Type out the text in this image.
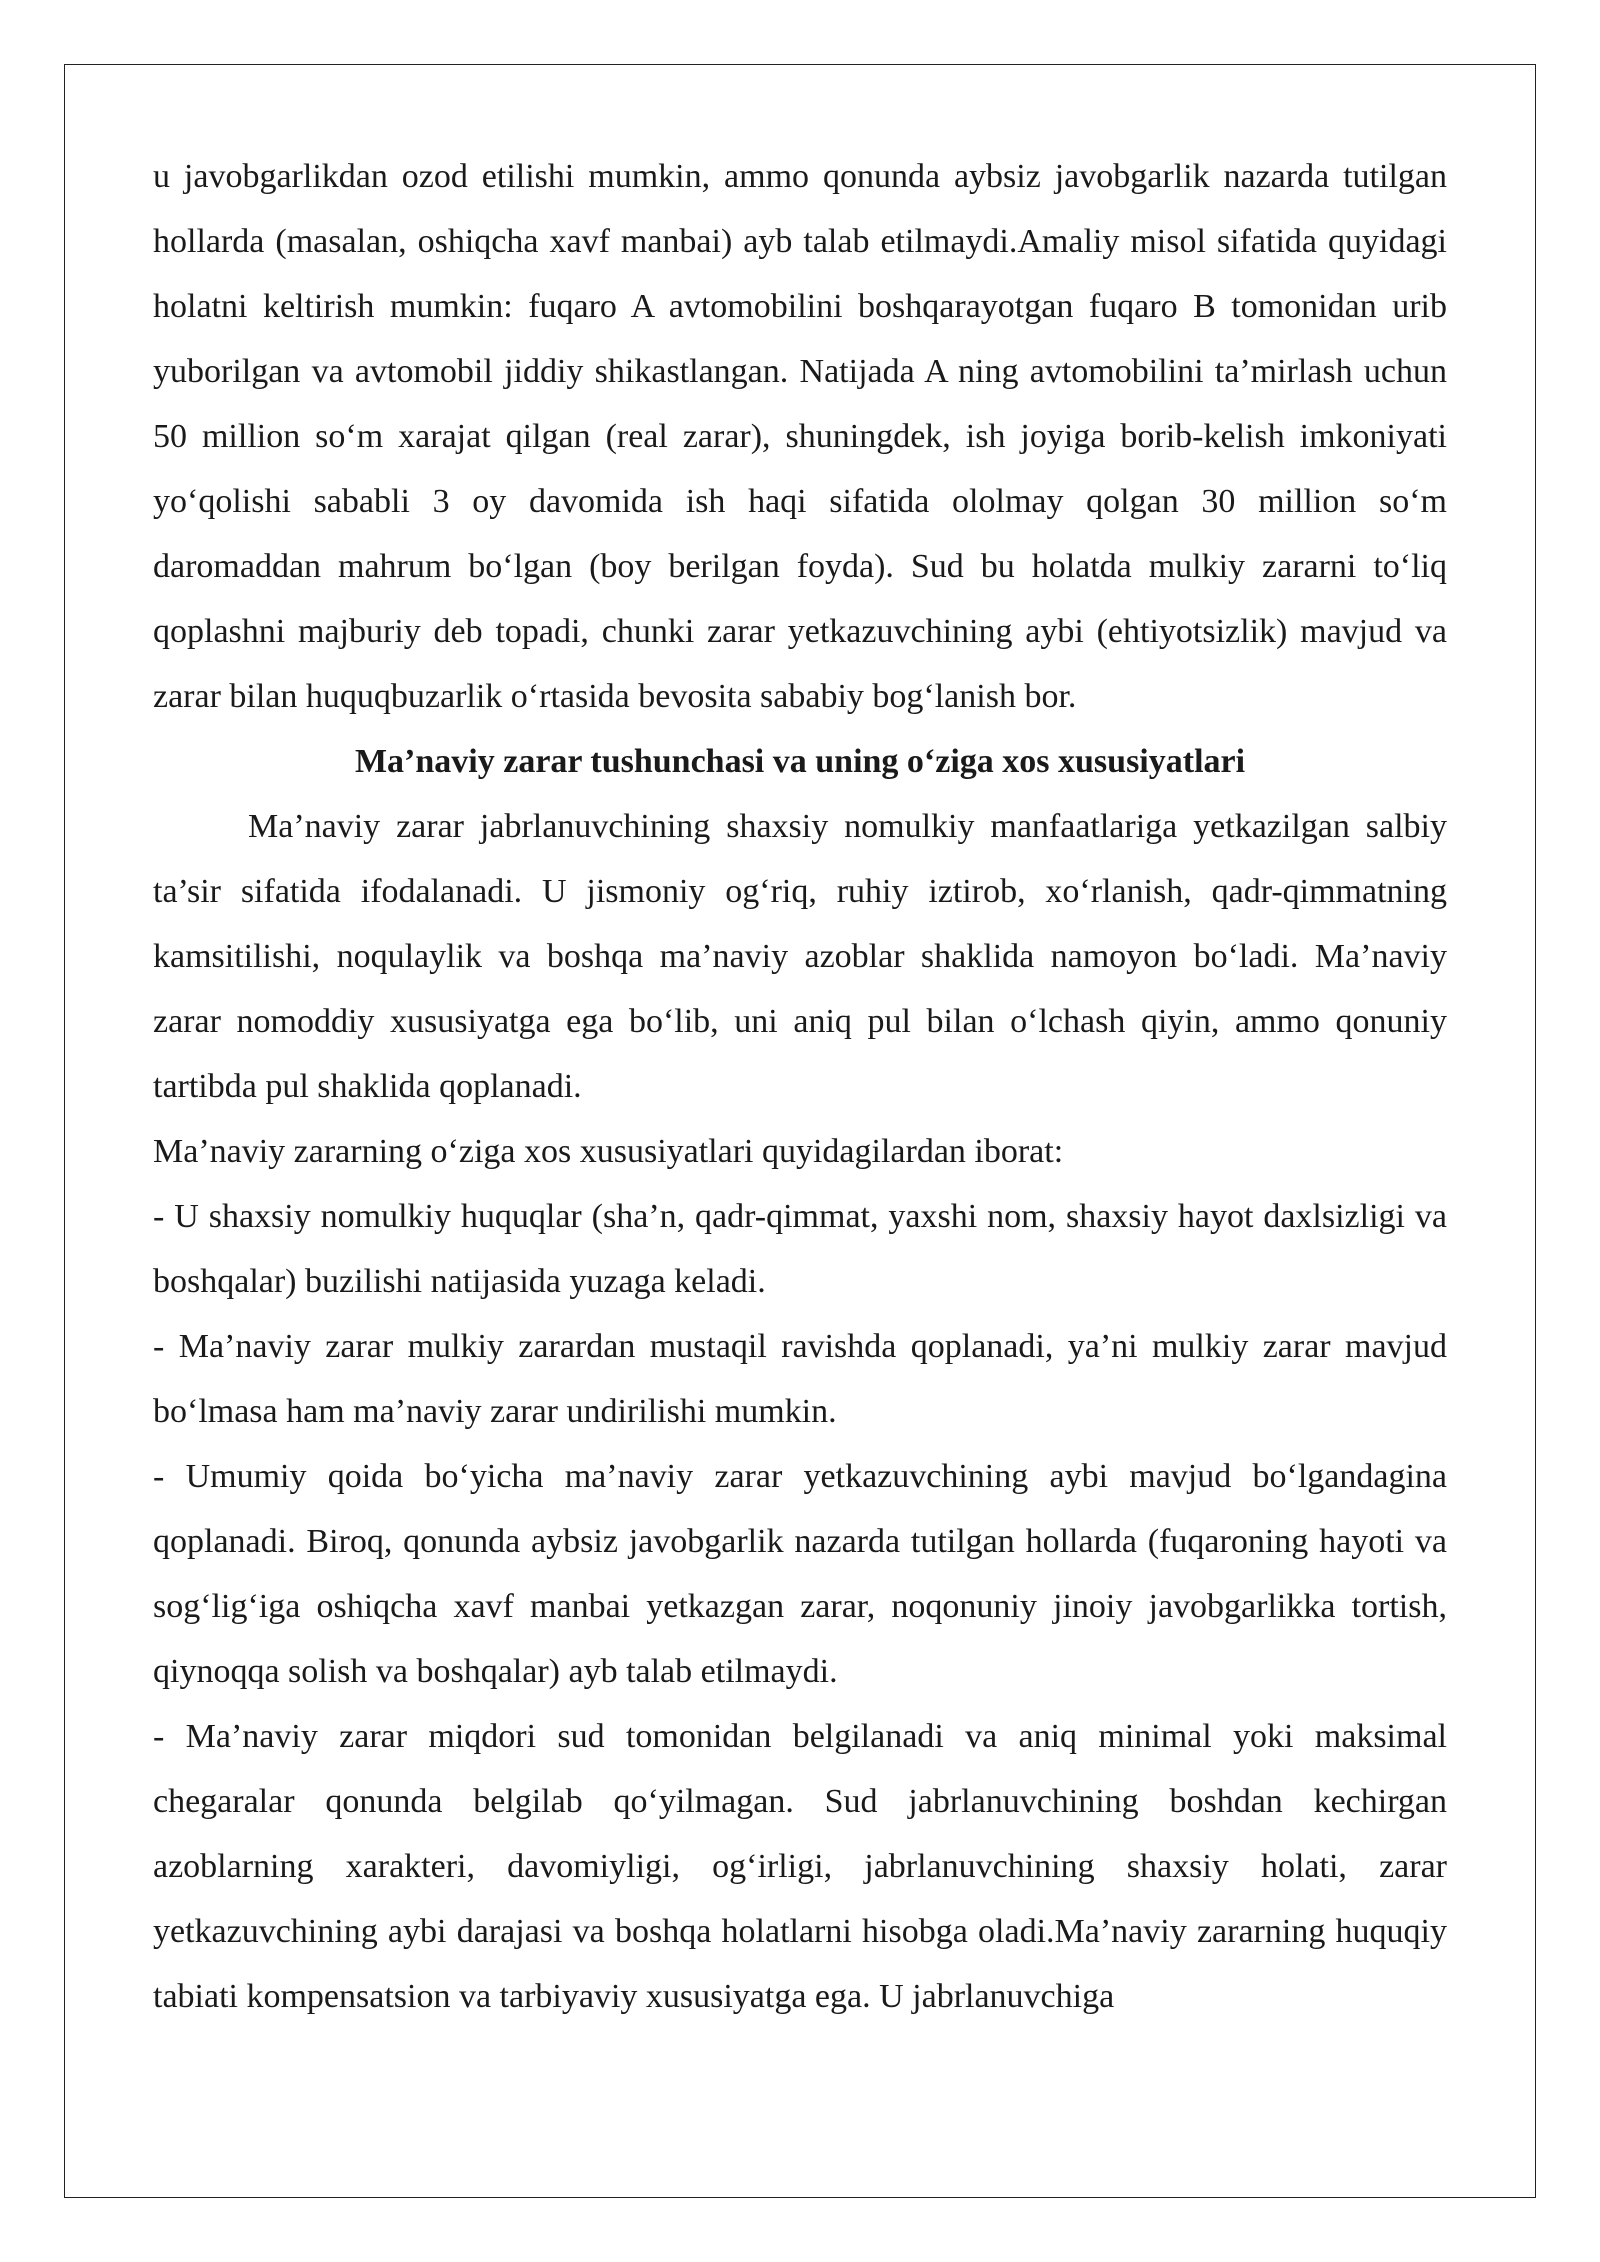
u javobgarlikdan ozod etilishi mumkin, ammo qonunda aybsiz javobgarlik nazarda tutilgan hollarda (masalan, oshiqcha xavf manbai) ayb talab etilmaydi.Amaliy misol sifatida quyidagi holatni keltirish mumkin: fuqaro A avtomobilini boshqarayotgan fuqaro B tomonidan urib yuborilgan va avtomobil jiddiy shikastlangan. Natijada A ning avtomobilini ta’mirlash uchun 50 million so‘m xarajat qilgan (real zarar), shuningdek, ish joyiga borib-kelish imkoniyati yo‘qolishi sababli 3 oy davomida ish haqi sifatida ololmay qolgan 30 million so‘m daromaddan mahrum bo‘lgan (boy berilgan foyda). Sud bu holatda mulkiy zararni to‘liq qoplashni majburiy deb topadi, chunki zarar yetkazuvchining aybi (ehtiyotsizlik) mavjud va zarar bilan huquqbuzarlik o‘rtasida bevosita sababiy bog‘lanish bor.

Ma’naviy zarar tushunchasi va uning o‘ziga xos xususiyatlari

Ma’naviy zarar jabrlanuvchining shaxsiy nomulkiy manfaatlariga yetkazilgan salbiy ta’sir sifatida ifodalanadi. U jismoniy og‘riq, ruhiy iztirob, xo‘rlanish, qadr-qimmatning kamsitilishi, noqulaylik va boshqa ma’naviy azoblar shaklida namoyon bo‘ladi. Ma’naviy zarar nomoddiy xususiyatga ega bo‘lib, uni aniq pul bilan o‘lchash qiyin, ammo qonuniy tartibda pul shaklida qoplanadi.

Ma’naviy zararning o‘ziga xos xususiyatlari quyidagilardan iborat:

- U shaxsiy nomulkiy huquqlar (sha’n, qadr-qimmat, yaxshi nom, shaxsiy hayot daxlsizligi va boshqalar) buzilishi natijasida yuzaga keladi.

- Ma’naviy zarar mulkiy zarardan mustaqil ravishda qoplanadi, ya’ni mulkiy zarar mavjud bo‘lmasa ham ma’naviy zarar undirilishi mumkin.

- Umumiy qoida bo‘yicha ma’naviy zarar yetkazuvchining aybi mavjud bo‘lgandagina qoplanadi. Biroq, qonunda aybsiz javobgarlik nazarda tutilgan hollarda (fuqaroning hayoti va sog‘lig‘iga oshiqcha xavf manbai yetkazgan zarar, noqonuniy jinoiy javobgarlikka tortish, qiynoqqa solish va boshqalar) ayb talab etilmaydi.

- Ma’naviy zarar miqdori sud tomonidan belgilanadi va aniq minimal yoki maksimal chegaralar qonunda belgilab qo‘yilmagan. Sud jabrlanuvchining boshdan kechirgan azoblarning xarakteri, davomiyligi, og‘irligi, jabrlanuvchining shaxsiy holati, zarar yetkazuvchining aybi darajasi va boshqa holatlarni hisobga oladi.Ma’naviy zararning huquqiy tabiati kompensatsion va tarbiyaviy xususiyatga ega. U jabrlanuvchiga
